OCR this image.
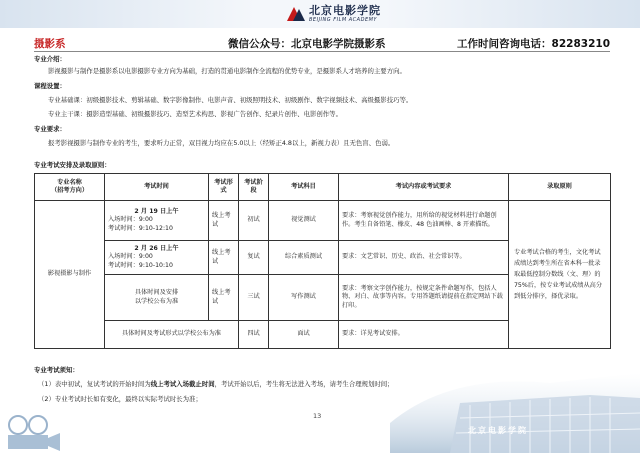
北京电影学院
BEIJING FILM ACADEMY
摄影系	微信公众号：北京电影学院摄影系	工作时间咨询电话：82283210
专业介绍：
影视摄影与制作是摄影系以电影摄影专业方向为基础，打造的贯通电影制作全流程的优势专业，是摄影系人才培养的主要方向。
课程设置：
专业基础课：初级摄影技术、剪辑基础、数字影像制作、电影声音、初级照明技术、初级剧作、数字视频技术、高级摄影技巧等。
专业主干课：摄影造型基础、初级摄影技巧、造型艺术构思、影视广告创作、纪录片创作、电影创作等。
专业要求：
报考影视摄影与制作专业的考生，要求听力正常，双目视力均应在5.0以上（经矫正4.8以上，新视力表）且无色盲、色弱。
专业考试安排及录取原则：
专业名称
（招考方向）	考试时间	考试形式	考试阶段	考试科目	考试内容或考试要求	录取原则
影视摄影与制作	2 月 19 日上午
入场时间：9:00
考试时间：9:10-12:10	线上考试	初试	视觉测试	要求：考察视觉创作能力，用所给的视觉材料进行命题创作。考生自备铅笔、橡皮、48 色油画棒、8 开素描纸。	专业考试合格的考生，文化考试成绩达到考生所在省本科一批录取最低控制分数线（文、理）的 75%后，按专业考试成绩从高分到低分排序，择优录取。

	2 月 26 日上午
入场时间：9:00
考试时间：9:10-10:10	线上考试	复试	综合素质测试	要求：文艺常识、历史、政治、社会常识等。	

	具体时间及安排
以学校公布为准	线上考试	三试	写作测试	要求：考察文字创作能力，按规定条件命题写作，包括人物、对白、故事等内容。专用答题纸请提前在指定网站下载打印。	
	具体时间及考试形式以学校公布为准		四试	面试	要求：详见考试安排。	
专业考试须知：
（1）表中初试，复试考试的开始时间为线上考试入场截止时间，考试开始以后，考生将无法进入考场，请考生合理规划时间；
（2）专业考试时长如有变化，最终以实际考试时长为准；
13
北京电影学院
